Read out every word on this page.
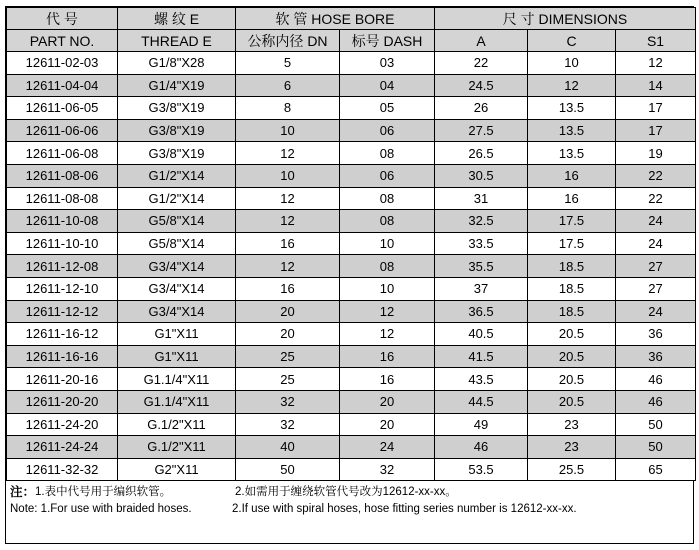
代 号	螺 纹 E	软 管 HOSE BORE		尺 寸 DIMENSIONS		
PART NO.	THREAD E	公称内径 DN	标号 DASH	A	C	S1
12611-02-03	G1/8"X28	5	03	22	10	12
12611-04-04	G1/4"X19	6	04	24.5	12	14
12611-06-05	G3/8"X19	8	05	26	13.5	17
12611-06-06	G3/8"X19	10	06	27.5	13.5	17
12611-06-08	G3/8"X19	12	08	26.5	13.5	19
12611-08-06	G1/2"X14	10	06	30.5	16	22
12611-08-08	G1/2"X14	12	08	31	16	22
12611-10-08	G5/8"X14	12	08	32.5	17.5	24
12611-10-10	G5/8"X14	16	10	33.5	17.5	24
12611-12-08	G3/4"X14	12	08	35.5	18.5	27
12611-12-10	G3/4"X14	16	10	37	18.5	27
12611-12-12	G3/4"X14	20	12	36.5	18.5	24
12611-16-12	G1"X11	20	12	40.5	20.5	36
12611-16-16	G1"X11	25	16	41.5	20.5	36
12611-20-16	G1.1/4"X11	25	16	43.5	20.5	46
12611-20-20	G1.1/4"X11	32	20	44.5	20.5	46
12611-24-20	G.1/2"X11	32	20	49	23	50
12611-24-24	G.1/2"X11	40	24	46	23	50
12611-32-32	G2"X11	50	32	53.5	25.5	65
注： 1.表中代号用于编织软管。	2.如需用于缠绕软管代号改为12612-xx-xx。
Note: 1.For use with braided hoses.	2.If use with spiral hoses, hose fitting series number is 12612-xx-xx.
